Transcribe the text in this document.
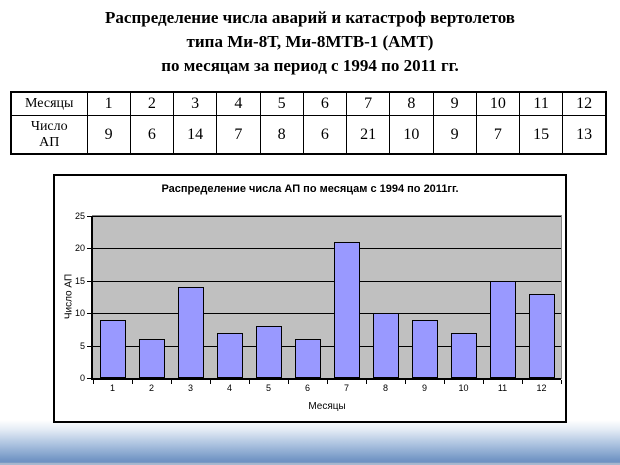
Распределение числа аварий и катастроф вертолетов
типа Ми-8Т, Ми-8МТВ-1 (АМТ)
по месяцам за период с 1994 по 2011 гг.
Месяцы	1	2	3	4	5	6	7	8	9	10	11	12

Число АП	9	6	14	7	8	6	21	10	9	7	15	13
Распределение числа АП по месяцам с 1994 по 2011гг.
Число АП
Месяцы
0
5
10
15
20
25
1	2	3	4	5	6	7	8	9	10	11	12
